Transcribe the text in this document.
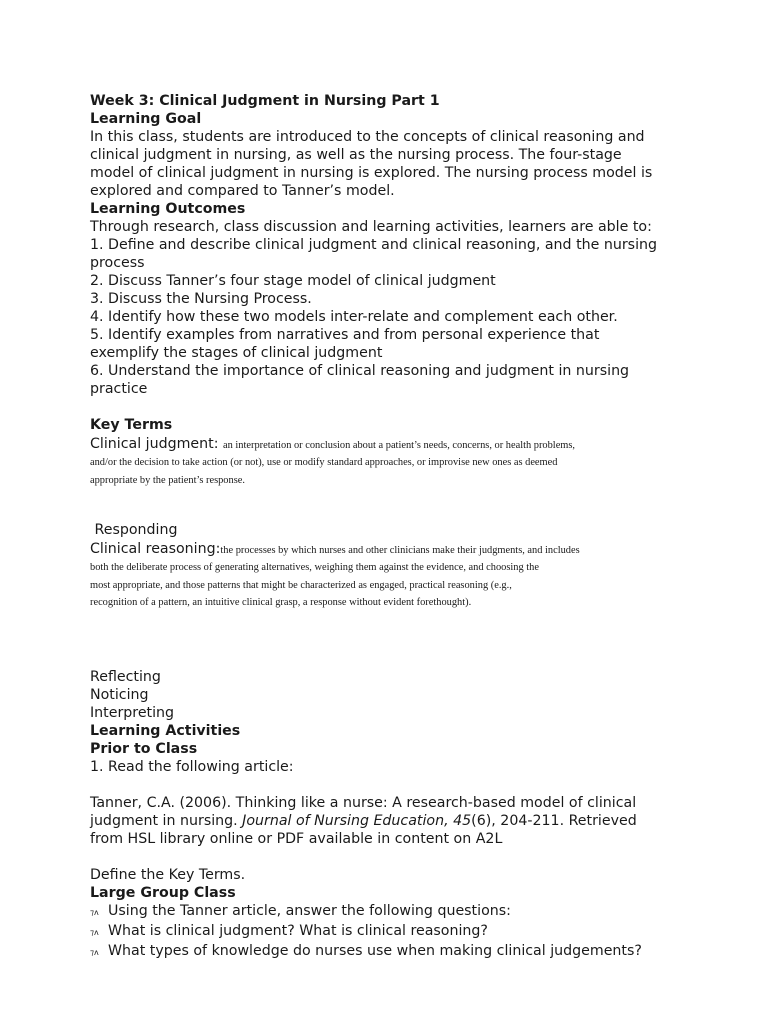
Week 3: Clinical Judgment in Nursing Part 1
Learning Goal
In this class, students are introduced to the concepts of clinical reasoning and
clinical judgment in nursing, as well as the nursing process. The four-stage
model of clinical judgment in nursing is explored. The nursing process model is
explored and compared to Tanner’s model.
Learning Outcomes
Through research, class discussion and learning activities, learners are able to:
1. Define and describe clinical judgment and clinical reasoning, and the nursing
process
2. Discuss Tanner’s four stage model of clinical judgment
3. Discuss the Nursing Process.
4. Identify how these two models inter-relate and complement each other.
5. Identify examples from narratives and from personal experience that
exemplify the stages of clinical judgment
6. Understand the importance of clinical reasoning and judgment in nursing
practice
Key Terms
Clinical judgment: an interpretation or conclusion about a patient’s needs, concerns, or health problems,
and/or the decision to take action (or not), use or modify standard approaches, or improvise new ones as deemed
appropriate by the patient’s response.
Responding
Clinical reasoning:the processes by which nurses and other clinicians make their judgments, and includes
both the deliberate process of generating alternatives, weighing them against the evidence, and choosing the
most appropriate, and those patterns that might be characterized as engaged, practical reasoning (e.g.,
recognition of a pattern, an intuitive clinical grasp, a response without evident forethought).
Reflecting
Noticing
Interpreting
Learning Activities
Prior to Class
1. Read the following article:
Tanner, C.A. (2006). Thinking like a nurse: A research-based model of clinical
judgment in nursing. Journal of Nursing Education, 45(6), 204-211. Retrieved
from HSL library online or PDF available in content on A2L
Define the Key Terms.
Large Group Class
⁊ᴧ Using the Tanner article, answer the following questions:
⁊ᴧ What is clinical judgment? What is clinical reasoning?
⁊ᴧ What types of knowledge do nurses use when making clinical judgements?
